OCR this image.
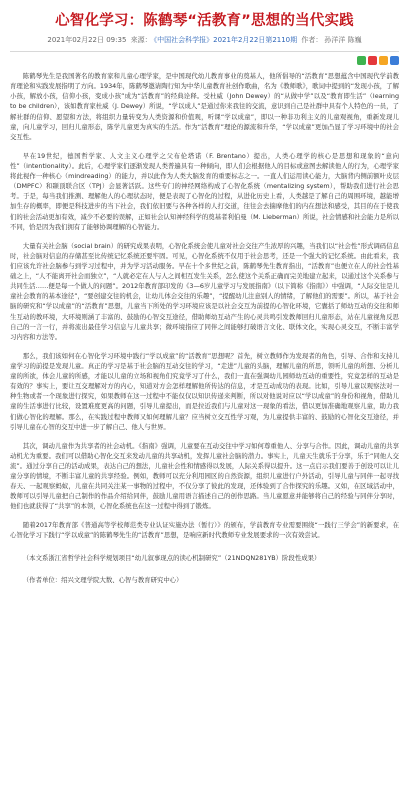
心智化学习：陈鹤琴“活教育”思想的当代实践
2021年02月22日 09:35 来源： 《中国社会科学报》2021年2月22日第2110期 作者： 孙洋洋 陈巍

陈鹤琴先生是我国著名的教育家和儿童心理学家，是中国现代幼儿教育事业的奠基人，他所倡导的“活教育”思想蕴含中国现代学前教育理论和实践发展指明了方向。1934年，陈鹤琴邀请陶行知为中华儿童教育社创作歌曲，名为《教师歌》，歌词中提到的“发现小孩，了解小孩，解放小孩，信仰小孩，变成小孩”成为“活教育”的经典诠释。受杜威（John Dewey）的“从做中学”以及“教育即生活”（learning to be children），该如教育家杜威（J. Dewey）所说，“学以成人”是通过你来我往的交流，意识到自己是社群中具有个人特色的一员，了解社群的信仰、愿望和方法，将组织力量转变为人类资源和价值观，听课“学以成童”，即以一种非功利主义的儿童观视角，重新发现儿童，向儿童学习，回归儿童形态，陈学儿童更为真实的生活。作为“活教育”理论的源流和升华，“学以成童”更加凸显了学习环境中的社会交互性。

早在19世纪，德国哲学家、人文主义心理学之父布伦塔诺（F. Brentano）提出，人类心理学的核心是思想和现象的“意向性”（intentionality）。此后，心理学家们逐渐发现人类普遍具有一种倾向，即人们会根据他人的目标或意图去解读他人的行为，心理学家将此视作一种核心（mindreading）的能力，并以此作为人类大脑发育的重要标志之一。一直人们运用读心能力，大脑背内侧前额叶皮层（DMPFC）和颞顶联合区（TPJ）会显著活跃。这些专门的神经网络构成了心智化系统（mentalizing system），帮助我们进行社会思考。于是，每当我们推测、理解他人的心理状态时，便是表现了心智化的过程，从进化历史上看，人类越是了解自己的周围环境，越能增加生存的概率，即便是科技进步的当下社会，我们依旧要与各种各样的人打交道，往往会去揣摩他们的内在想法和感受，其目的在于使我们的社会活动更加有效，减少不必要的误解，正如社会认知神经科学的奠基者利伯曼（M. Lieberman）所说，社会情感和社会能力是所以不同，恰是因为我们拥有了能够协调理解的心智能力。

大量有关社会脑（social brain）的研究成果表明，心智化系统会使儿童对社会交往产生浓厚的兴趣，当我们以“社会性”形式调码信息时，社会脑对信息的存储甚至比传统记忆系统还要牢固。可见，心智化系统不仅用于社会思考，还是一个强大的记忆系统。由此看来，我们应该允许社会脑参与到学习过程中，并为学习活动服务。早在十个多世纪之前，陈鹤琴先生教育指出，“活教育”也便立在人的社会性基础之上，“人不能离开社会而独立”，“人就必定在人与人之间相互发生关系，怎么使这个关系正确而完美地建立起来，以通过这个关系参与共同生活……便是每一个做人的问题”。2012年教育部印发的《3—6岁儿童学习与发展指南》（以下简称《指南》）中强调，“人际交往是儿童社会教育的基本途径”，“要创建交往的机会，让幼儿体会交往的乐趣”，“提醒幼儿注意别人的情绪，了解他们的需要”。所以，基于社会脑的研究和“学以成童”的“活教育”思想，儿童当下所处的学习环境应该是以社会交互为前提的心智化环境，它囊括了师幼互动的交往和师生互动的教环境，大环境则涵了丰富的、鼓励的心智交互途径，借助师幼互动产生的心灵共鸣引发教师回归儿童形态，站在儿童视角反思自己的一言一行，并将流出最佳学习信息与儿童共享；微环境指应了同伴之间能够打破语言文化、联体文化，实现心灵交互，不断丰富学习内容和方法等。

那么，我们该如何在心智化学习环境中践行“学以成童”的“活教育”思想呢？首先，树立教师作为发现者的角色，引导、合作和支持儿童学习的前提是发现儿童。真正的学习是基于社会脑的互动交往的学习，“走进”儿童的头脑，理解儿童的所思，领听儿童的所想、分析儿童的所欲，体会儿童的所感，才能以儿童的立场和视角们究竟学习了什么，我们一直在强调幼儿园师幼互动的重要性，究竟怎样的互动是有效的？事实上，要让互交理解对方的内心，知道对方会怎样理解他所传达的信息，才是互动成功的表现。比如，引导儿童以观察法对一种生物或者一个现象进行探究，如果教师在这一过程中不能仅仅以知识传递来判断，所以对他说对应以“学以成童”的身份和视角，借助儿童的生活事进行比较，设置难度更高的问题，引导儿童提出，而是拉近我们与儿童对这一现象的看法，借以更加准确地观察儿童，助力我们做心智化的理解。那么，在实践过程中教师又如何理解儿童？应当树立交互性学习观，为儿童提供丰富的、鼓励的心智化交互途径，并引导儿童在心智的交互中进一步了解自己、他人与世界。

其次，调动儿童作为共享者的社会动机。《指南》强调，儿童要在互动交往中学习如何尊重他人、分享与合作。因此，调动儿童的共享动机尤为重要。我们可以借助心智化交互来发动儿童的共享动机，发挥儿童社会脑的潜力。事实上，儿童天生就乐于分享，乐于“同他人交流”。通过分享自己的活动成果，表达自己的想法，儿童社会性和情感得以发展，人际关系得以提升。这一点启示我们要善于创设可以让儿童分享的情境，不断丰富儿童的共享经验。例如，教师可以充分利用园区的自然资源，组织儿童进行户外活动，引导儿童与同伴一起寻找春天、一起观察蚂蚁，儿童在共同关注某一事物的过程中，不仅分享了彼此的发现，还体验到了合作探究的乐趣。又如，在区域活动中，教师可以引导儿童把自己制作的作品介绍给同伴，鼓励儿童用语言描述自己的创作思路。当儿童愿意并能够将自己的经验与同伴分享时，他们也就获得了“共享”的本领，心智化系统也在这一过程中得到了锻炼。

随着2017年教育部《普通高等学校师范类专业认证实施办法（暂行）》的颁布，学前教育专业需要围绕“一践行三学会”的新要求，在心智化学习下践行“学以成童”的陈鹤琴先生的“活教育”思想，是响应新时代教师专业发展要求的一次有效尝试。

（本文系浙江省哲学社会科学规划项目“幼儿叙事现点的读心机制研究”（21NDQN281YB）阶段性成果）

（作者单位：绍兴文理学院大数、心智与教育研究中心）
